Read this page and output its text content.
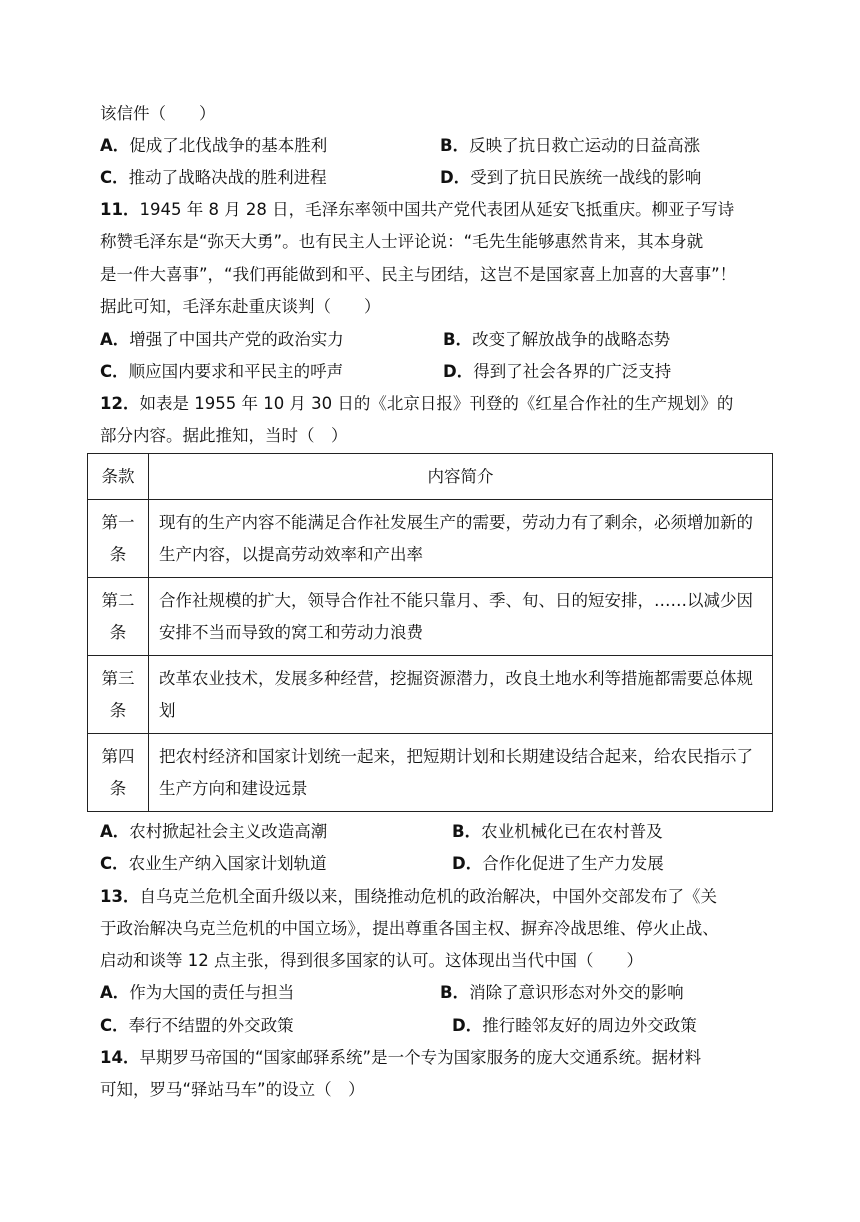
该信件（　　）
A．促成了北伐战争的基本胜利	B．反映了抗日救亡运动的日益高涨
C．推动了战略决战的胜利进程	D．受到了抗日民族统一战线的影响
11．1945 年 8 月 28 日，毛泽东率领中国共产党代表团从延安飞抵重庆。柳亚子写诗
称赞毛泽东是“弥天大勇”。也有民主人士评论说：“毛先生能够惠然肯来，其本身就
是一件大喜事”，“我们再能做到和平、民主与团结，这岂不是国家喜上加喜的大喜事”！
据此可知，毛泽东赴重庆谈判（　　）
A．增强了中国共产党的政治实力	B．改变了解放战争的战略态势
C．顺应国内要求和平民主的呼声	D．得到了社会各界的广泛支持
12．如表是 1955 年 10 月 30 日的《北京日报》刊登的《红星合作社的生产规划》的
部分内容。据此推知，当时（　）
条款	内容简介
第一条	现有的生产内容不能满足合作社发展生产的需要，劳动力有了剩余，必须增加新的生产内容，以提高劳动效率和产出率
第二条	合作社规模的扩大，领导合作社不能只靠月、季、旬、日的短安排，……以减少因安排不当而导致的窝工和劳动力浪费
第三条	改革农业技术，发展多种经营，挖掘资源潜力，改良土地水利等措施都需要总体规划
第四条	把农村经济和国家计划统一起来，把短期计划和长期建设结合起来，给农民指示了生产方向和建设远景
A．农村掀起社会主义改造高潮	B．农业机械化已在农村普及
C．农业生产纳入国家计划轨道	D．合作化促进了生产力发展
13．自乌克兰危机全面升级以来，围绕推动危机的政治解决，中国外交部发布了《关
于政治解决乌克兰危机的中国立场》，提出尊重各国主权、摒弃冷战思维、停火止战、
启动和谈等 12 点主张，得到很多国家的认可。这体现出当代中国（　　）
A．作为大国的责任与担当	B．消除了意识形态对外交的影响
C．奉行不结盟的外交政策	D．推行睦邻友好的周边外交政策
14．早期罗马帝国的“国家邮驿系统”是一个专为国家服务的庞大交通系统。据材料
可知，罗马“驿站马车”的设立（　）
